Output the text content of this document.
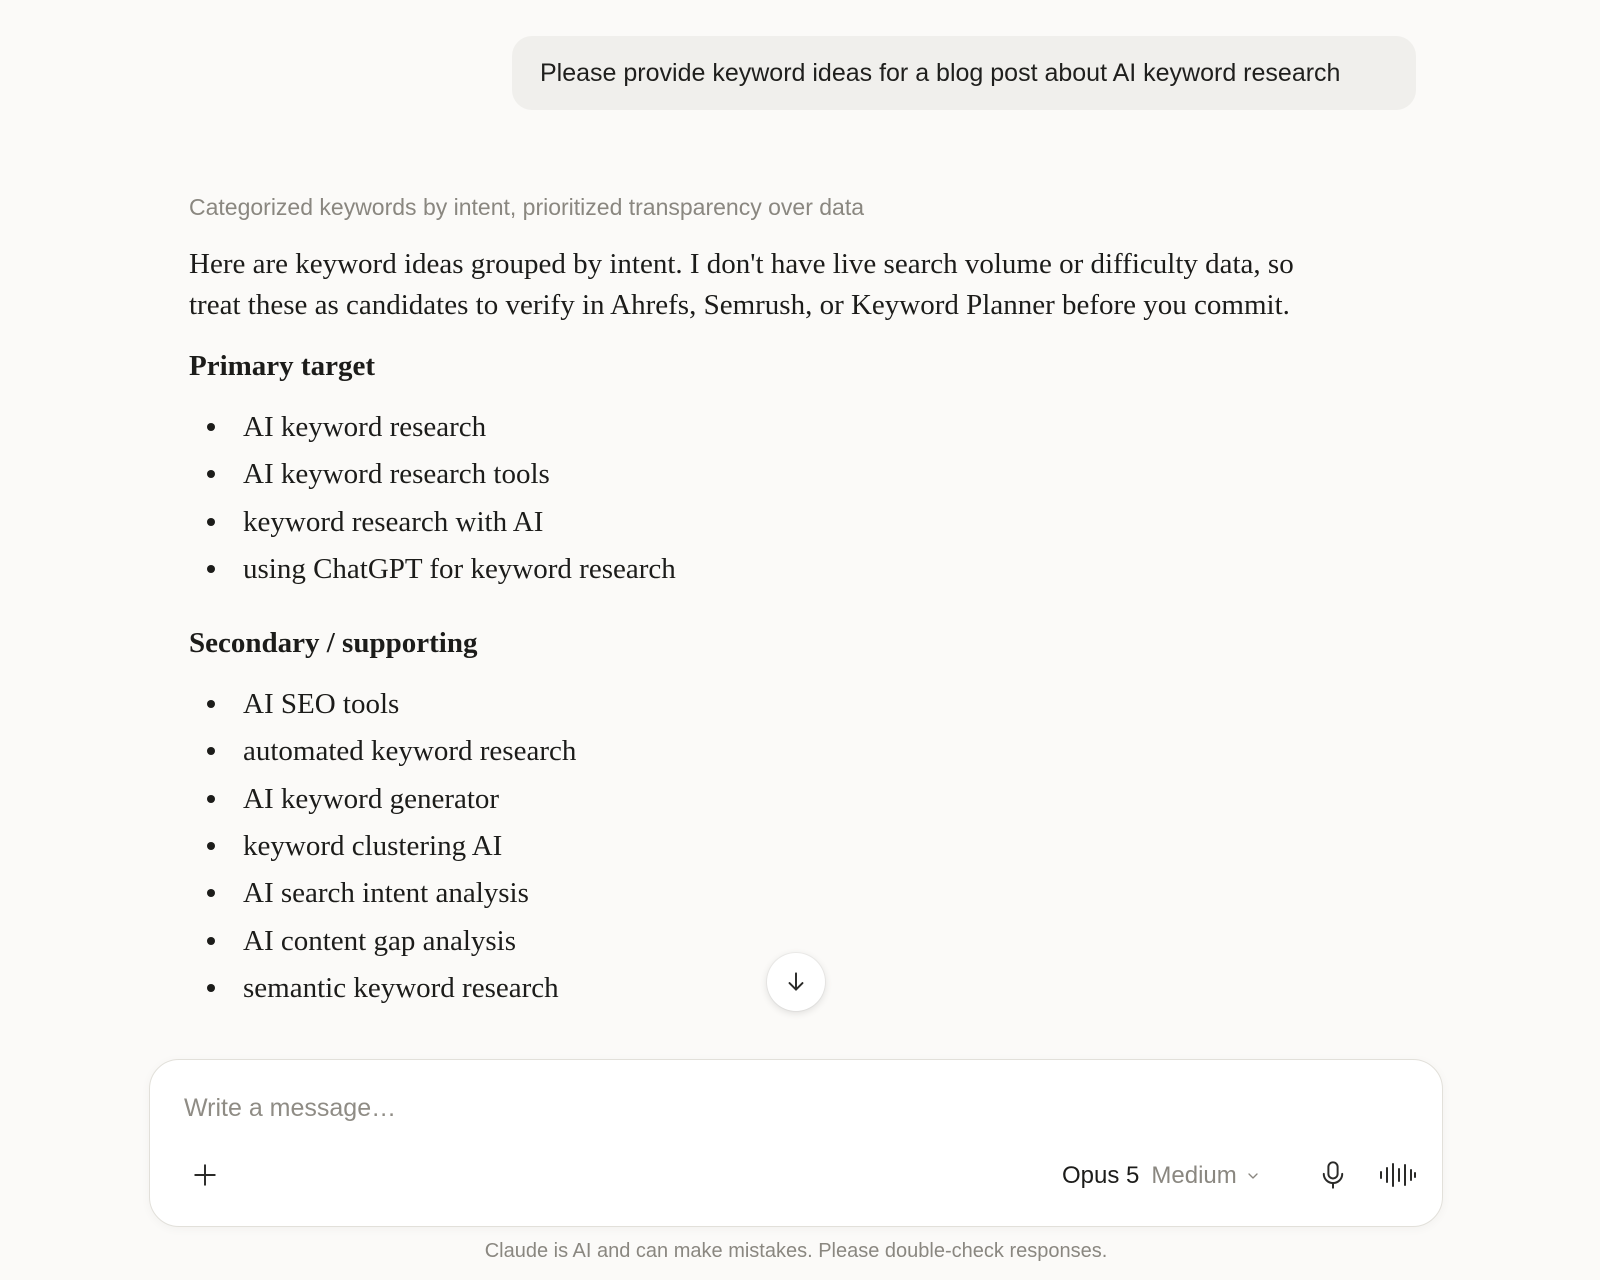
Please provide keyword ideas for a blog post about AI keyword research
Categorized keywords by intent, prioritized transparency over data

Here are keyword ideas grouped by intent. I don't have live search volume or difficulty data, so treat these as candidates to verify in Ahrefs, Semrush, or Keyword Planner before you commit.

Primary target
AI keyword research
AI keyword research tools
keyword research with AI
using ChatGPT for keyword research
Secondary / supporting
AI SEO tools
automated keyword research
AI keyword generator
keyword clustering AI
AI search intent analysis
AI content gap analysis
semantic keyword research
Write a message…
Opus 5 Medium
Claude is AI and can make mistakes. Please double-check responses.
